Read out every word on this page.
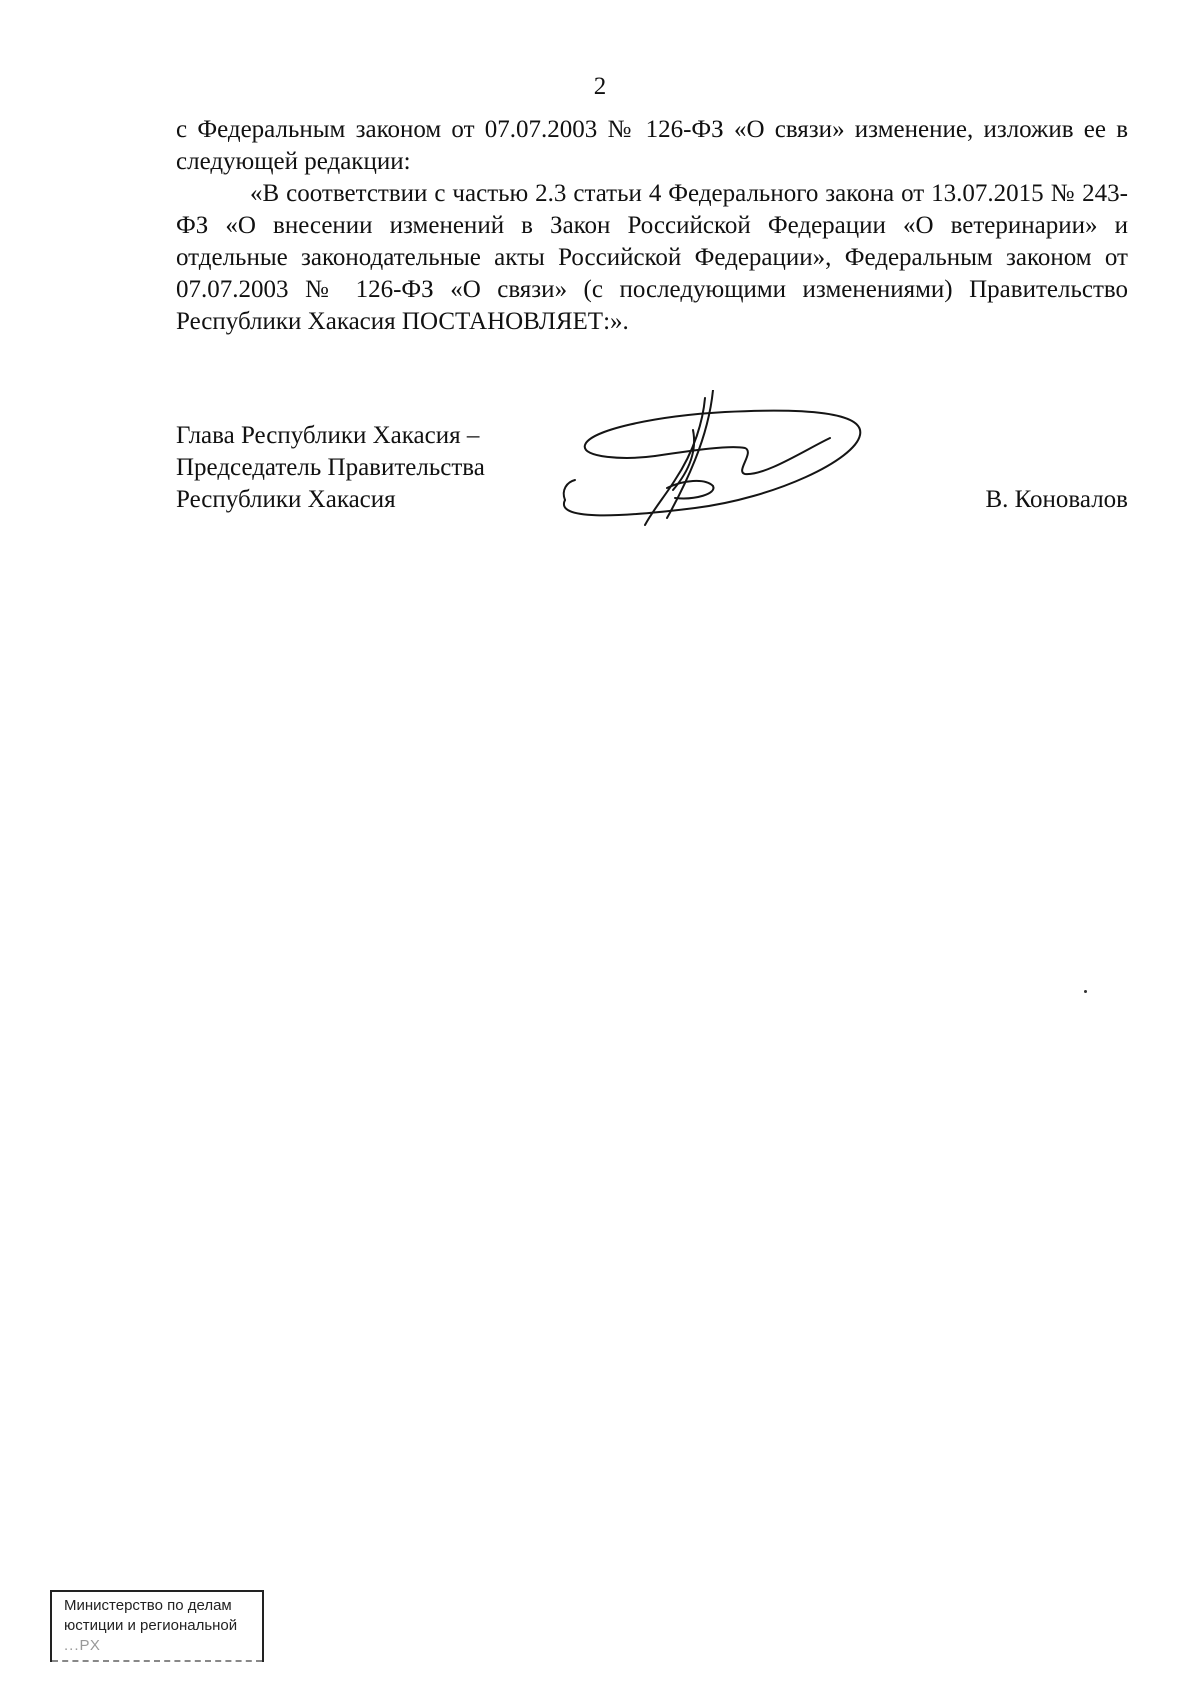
2

с Федеральным законом от 07.07.2003 № 126-ФЗ «О связи» изменение, изложив ее в следующей редакции:

«В соответствии с частью 2.3 статьи 4 Федерального закона от 13.07.2015 № 243-ФЗ «О внесении изменений в Закон Российской Федерации «О ветеринарии» и отдельные законодательные акты Российской Федерации», Федеральным законом от 07.07.2003 № 126-ФЗ «О связи» (с последующими изменениями) Правительство Республики Хакасия ПОСТАНОВЛЯЕТ:».

Глава Республики Хакасия –
Председатель Правительства
Республики Хакасия	В. Коновалов
Министерство по делам
юстиции и региональной
...РХ
